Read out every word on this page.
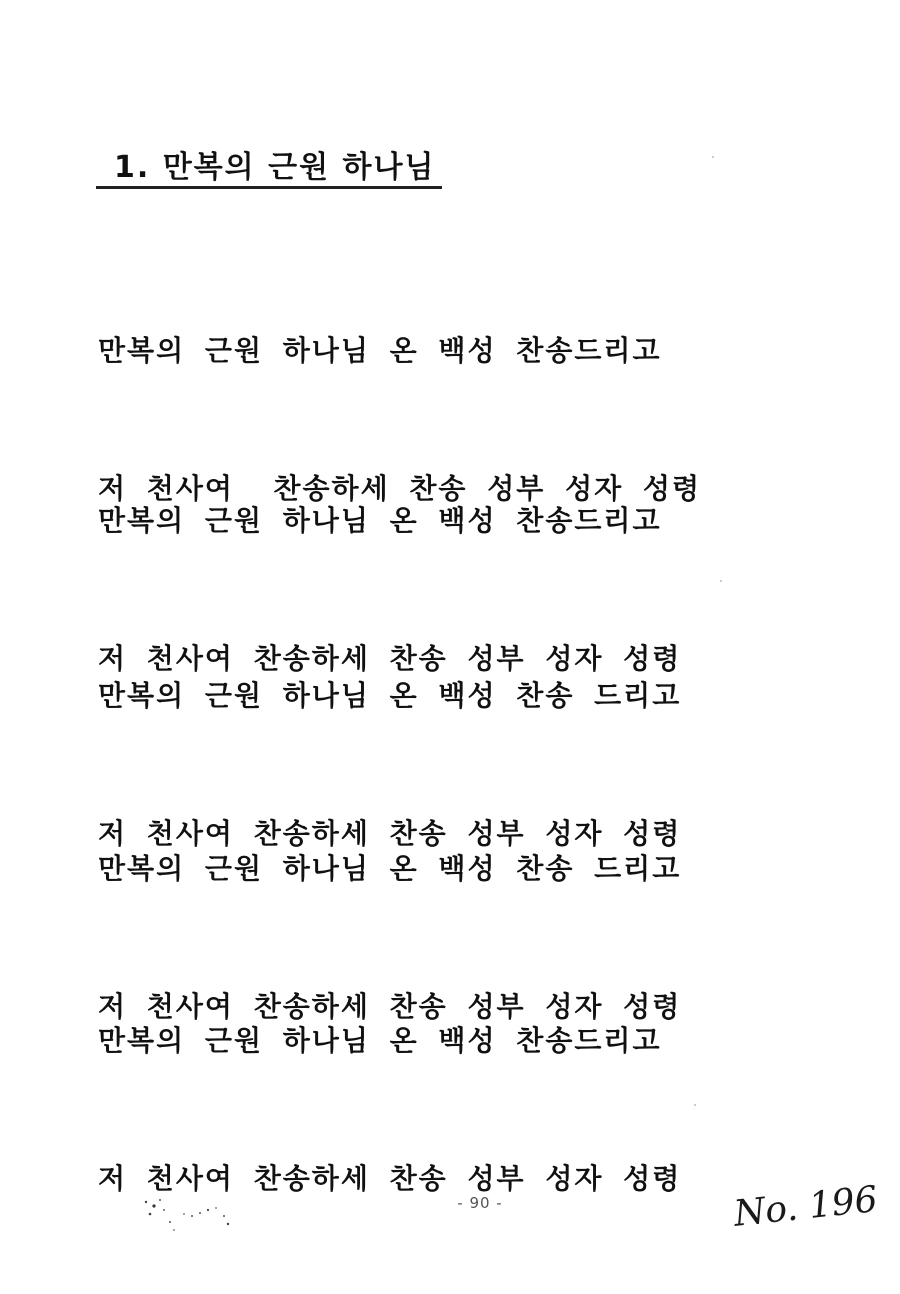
1. 만복의 근원 하나님

만복의 근원 하나님 온 백성 찬송드리고

저 천사여  찬송하세 찬송 성부 성자 성령

만복의 근원 하나님 온 백성 찬송드리고

저 천사여 찬송하세 찬송 성부 성자 성령

만복의 근원 하나님 온 백성 찬송 드리고

저 천사여 찬송하세 찬송 성부 성자 성령

만복의 근원 하나님 온 백성 찬송 드리고

저 천사여 찬송하세 찬송 성부 성자 성령

만복의 근원 하나님 온 백성 찬송드리고

저 천사여 찬송하세 찬송 성부 성자 성령

- 90 -	No. 196
